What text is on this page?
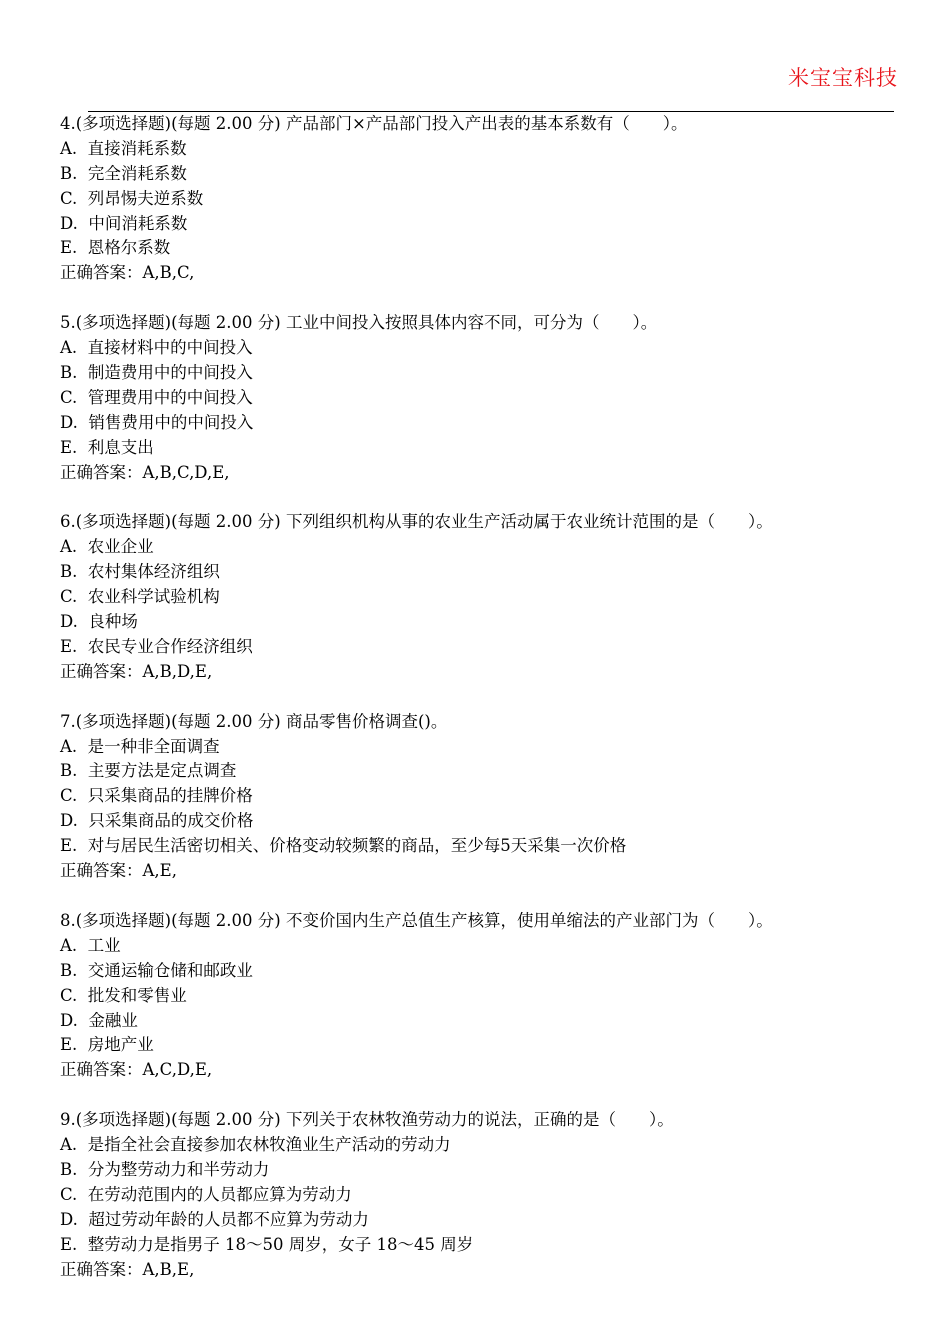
米宝宝科技
4.(多项选择题)(每题 2.00 分) 产品部门×产品部门投入产出表的基本系数有（　　）。
A.  直接消耗系数
B.  完全消耗系数
C.  列昂惕夫逆系数
D.  中间消耗系数
E.  恩格尔系数
正确答案：A,B,C,
5.(多项选择题)(每题 2.00 分) 工业中间投入按照具体内容不同，可分为（　　）。
A.  直接材料中的中间投入
B.  制造费用中的中间投入
C.  管理费用中的中间投入
D.  销售费用中的中间投入
E.  利息支出
正确答案：A,B,C,D,E,
6.(多项选择题)(每题 2.00 分) 下列组织机构从事的农业生产活动属于农业统计范围的是（　　）。
A.  农业企业
B.  农村集体经济组织
C.  农业科学试验机构
D.  良种场
E.  农民专业合作经济组织
正确答案：A,B,D,E,
7.(多项选择题)(每题 2.00 分) 商品零售价格调查()。
A.  是一种非全面调查
B.  主要方法是定点调查
C.  只采集商品的挂牌价格
D.  只采集商品的成交价格
E.  对与居民生活密切相关、价格变动较频繁的商品，至少每5天采集一次价格
正确答案：A,E,
8.(多项选择题)(每题 2.00 分) 不变价国内生产总值生产核算，使用单缩法的产业部门为（　　）。
A.  工业
B.  交通运输仓储和邮政业
C.  批发和零售业
D.  金融业
E.  房地产业
正确答案：A,C,D,E,
9.(多项选择题)(每题 2.00 分) 下列关于农林牧渔劳动力的说法，正确的是（　　）。
A.  是指全社会直接参加农林牧渔业生产活动的劳动力
B.  分为整劳动力和半劳动力
C.  在劳动范围内的人员都应算为劳动力
D.  超过劳动年龄的人员都不应算为劳动力
E.  整劳动力是指男子 18～50 周岁，女子 18～45 周岁
正确答案：A,B,E,
